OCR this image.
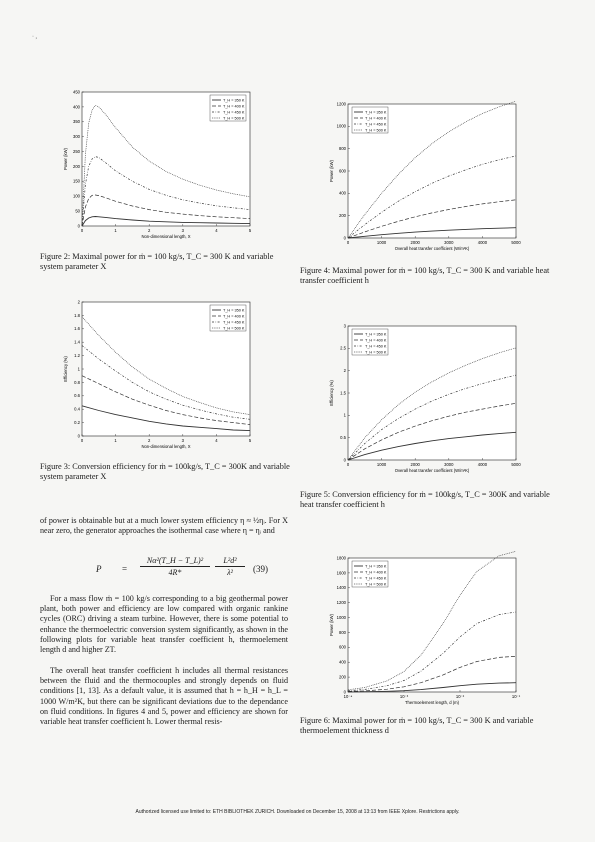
· ,
0
50
100
150
200
250
300
350
400
450
0	1	2	3	4	5
Non-dimensional length, X
Power (kW)
T_H = 350 K
T_H = 400 K
T_H = 450 K
T_H = 500 K
Figure 2: Maximal power for ṁ = 100 kg/s, T_C = 300 K and variable system parameter X
0
0.2
0.4
0.6
0.8
1
1.2
1.4
1.6
1.8
2
0	1	2	3	4	5
Non-dimensional length, X
Efficiency (%)
T_H = 350 K
T_H = 400 K
T_H = 450 K
T_H = 500 K
Figure 3: Conversion efficiency for ṁ = 100kg/s, T_C = 300K and variable system parameter X
0
200
400
600
800
1000
1200
0	1000	2000	3000	4000	5000
Overall heat transfer coefficient (W/m²K)
Power (kW)
T_H = 350 K
T_H = 400 K
T_H = 450 K
T_H = 500 K
Figure 4: Maximal power for ṁ = 100 kg/s, T_C = 300 K and variable heat transfer coefficient h
0
0.5
1
1.5
2
2.5
3
0	1000	2000	3000	4000	5000
Overall heat transfer coefficient (W/m²K)
Efficiency (%)
T_H = 350 K
T_H = 400 K
T_H = 450 K
T_H = 500 K
Figure 5: Conversion efficiency for ṁ = 100kg/s, T_C = 300K and variable heat transfer coefficient h
0
200
400
600
800
1000
1200
1400
1600
1800
10⁻⁴	10⁻³	10⁻²	10⁻¹
Thermoelement length, d (m)
Power (kW)
T_H = 350 K
T_H = 400 K
T_H = 450 K
T_H = 500 K
Figure 6: Maximal power for ṁ = 100 kg/s, T_C = 300 K and variable thermoelement thickness d

of power is obtainable but at a much lower system efficiency η ≈ ½ηᵢ. For X near zero, the generator approaches the isothermal case where η = ηᵢ and

P =
Nα²(T_H − T_L)²
4R*
L²d²
λ²	(39)

For a mass flow ṁ = 100 kg/s corresponding to a big geothermal power plant, both power and efficiency are low compared with organic rankine cycles (ORC) driving a steam turbine. However, there is some potential to enhance the thermoelectric conversion system significantly, as shown in the following plots for variable heat transfer coefficient h, thermoelement length d and higher ZT.

The overall heat transfer coefficient h includes all thermal resistances between the fluid and the thermocouples and strongly depends on fluid conditions [1, 13]. As a default value, it is assumed that h = h_H = h_L = 1000 W/m²K, but there can be significant deviations due to the dependance on fluid conditions. In figures 4 and 5, power and efficiency are shown for variable heat transfer coefficient h. Lower thermal resis-

Authorized licensed use limited to: ETH BIBLIOTHEK ZURICH. Downloaded on December 15, 2008 at 13:13 from IEEE Xplore. Restrictions apply.
